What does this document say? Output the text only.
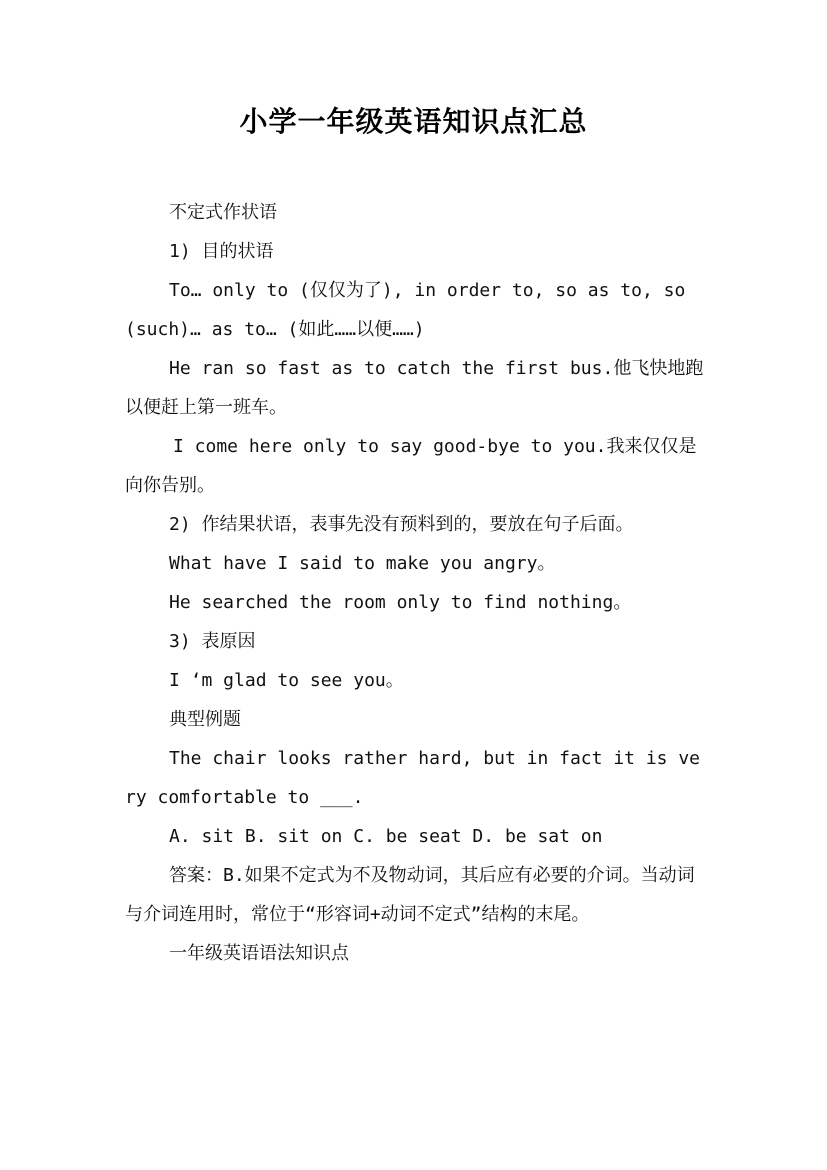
小学一年级英语知识点汇总

不定式作状语

1) 目的状语

To… only to (仅仅为了), in order to, so as to, so(such)… as to… (如此……以便……)

He ran so fast as to catch the first bus.他飞快地跑以便赶上第一班车。

I come here only to say good-bye to you.我来仅仅是向你告别。

2) 作结果状语，表事先没有预料到的，要放在句子后面。

What have I said to make you angry。

He searched the room only to find nothing。

3) 表原因

I ‘m glad to see you。

典型例题

The chair looks rather hard, but in fact it is very comfortable to ___.

A. sit B. sit on C. be seat D. be sat on

答案：B.如果不定式为不及物动词，其后应有必要的介词。当动词与介词连用时，常位于“形容词+动词不定式”结构的末尾。

一年级英语语法知识点
